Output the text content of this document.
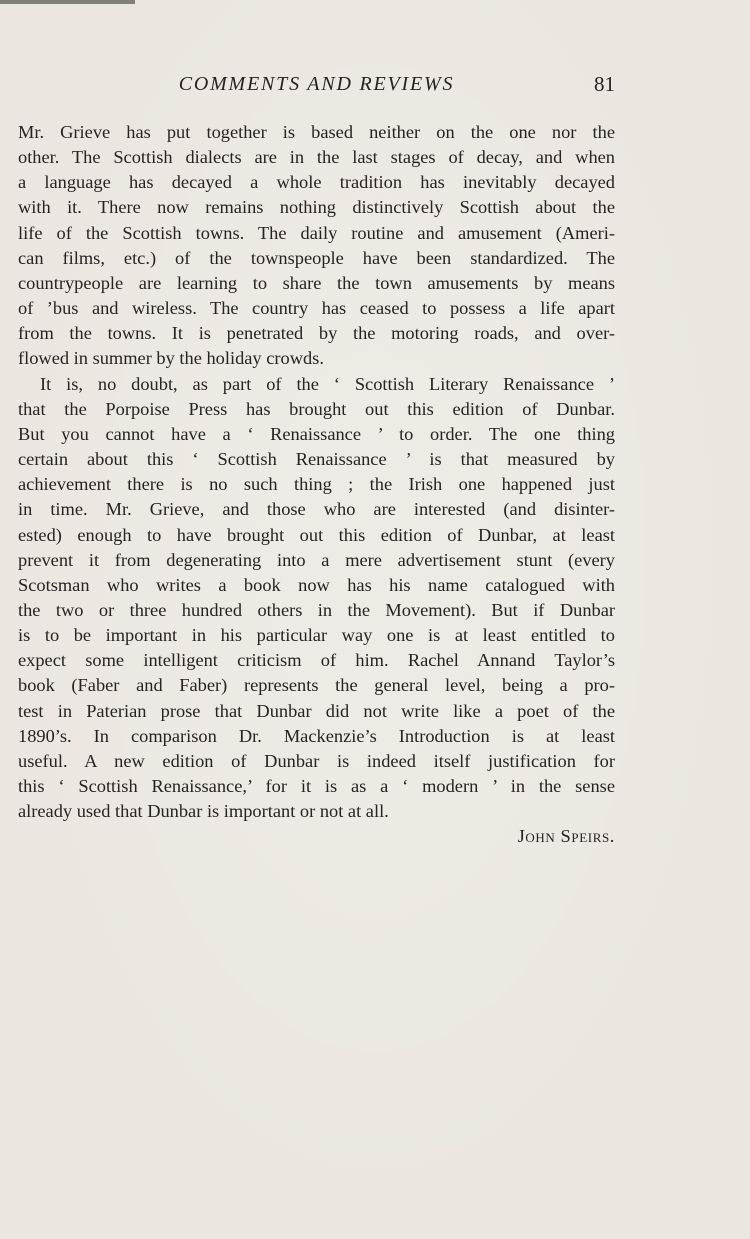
COMMENTS AND REVIEWS	81
Mr. Grieve has put together is based neither on the one nor the
other. The Scottish dialects are in the last stages of decay, and when
a language has decayed a whole tradition has inevitably decayed
with it. There now remains nothing distinctively Scottish about the
life of the Scottish towns. The daily routine and amusement (Ameri-
can films, etc.) of the townspeople have been standardized. The
countrypeople are learning to share the town amusements by means
of ’bus and wireless. The country has ceased to possess a life apart
from the towns. It is penetrated by the motoring roads, and over-
flowed in summer by the holiday crowds.
It is, no doubt, as part of the ‘ Scottish Literary Renaissance ’
that the Porpoise Press has brought out this edition of Dunbar.
But you cannot have a ‘ Renaissance ’ to order. The one thing
certain about this ‘ Scottish Renaissance ’ is that measured by
achievement there is no such thing ; the Irish one happened just
in time. Mr. Grieve, and those who are interested (and disinter-
ested) enough to have brought out this edition of Dunbar, at least
prevent it from degenerating into a mere advertisement stunt (every
Scotsman who writes a book now has his name catalogued with
the two or three hundred others in the Movement). But if Dunbar
is to be important in his particular way one is at least entitled to
expect some intelligent criticism of him. Rachel Annand Taylor’s
book (Faber and Faber) represents the general level, being a pro-
test in Paterian prose that Dunbar did not write like a poet of the
1890’s. In comparison Dr. Mackenzie’s Introduction is at least
useful. A new edition of Dunbar is indeed itself justification for
this ‘ Scottish Renaissance,’ for it is as a ‘ modern ’ in the sense
already used that Dunbar is important or not at all.
John Speirs.
